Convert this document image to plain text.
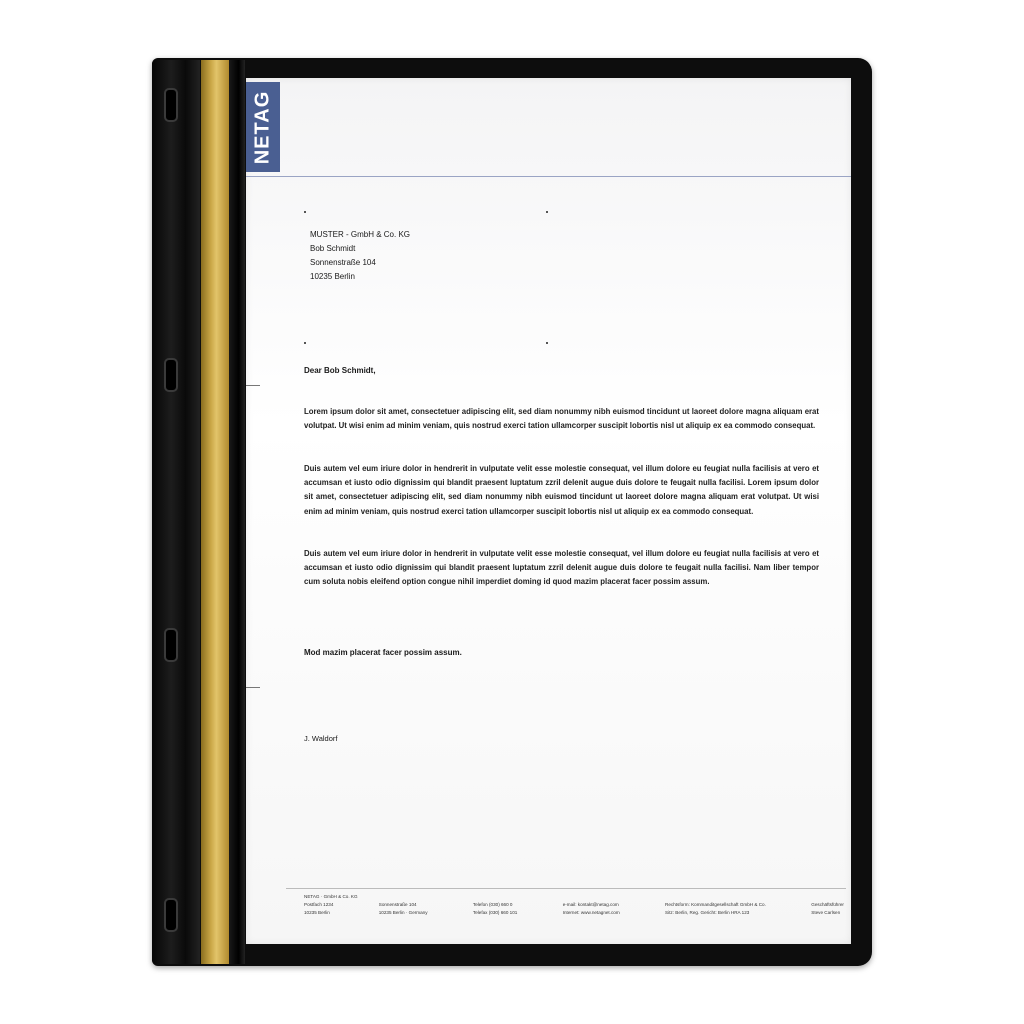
NETAG
MUSTER - GmbH & Co. KG
Bob Schmidt
Sonnenstraße 104
10235 Berlin
Dear Bob Schmidt,
Lorem ipsum dolor sit amet, consectetuer adipiscing elit, sed diam nonummy nibh euismod tincidunt ut laoreet dolore magna aliquam erat volutpat. Ut wisi enim ad minim veniam, quis nostrud exerci tation ullamcorper suscipit lobortis nisl ut aliquip ex ea commodo consequat.
Duis autem vel eum iriure dolor in hendrerit in vulputate velit esse molestie consequat, vel illum dolore eu feugiat nulla facilisis at vero et accumsan et iusto odio dignissim qui blandit praesent luptatum zzril delenit augue duis dolore te feugait nulla facilisi. Lorem ipsum dolor sit amet, consectetuer adipiscing elit, sed diam nonummy nibh euismod tincidunt ut laoreet dolore magna aliquam erat volutpat. Ut wisi enim ad minim veniam, quis nostrud exerci tation ullamcorper suscipit lobortis nisl ut aliquip ex ea commodo consequat.
Duis autem vel eum iriure dolor in hendrerit in vulputate velit esse molestie consequat, vel illum dolore eu feugiat nulla facilisis at vero et accumsan et iusto odio dignissim qui blandit praesent luptatum zzril delenit augue duis dolore te feugait nulla facilisi. Nam liber tempor cum soluta nobis eleifend option congue nihil imperdiet doming id quod mazim placerat facer possim assum.
Mod mazim placerat facer possim assum.
J. Waldorf
NETAG · GmbH & Co. KG
Postfach 1234
10235 Berlin
Sonnenstraße 104
10235 Berlin · Germany
Telefon (030) 660 0
Telefax (030) 660 101
e-mail: kontakt@netag.com
Internet: www.netagnet.com
Rechtsform: Kommanditgesellschaft GmbH & Co.
Sitz: Berlin, Reg. Gericht: Berlin HRA 123
Geschäftsführer
Steve Carlsen
